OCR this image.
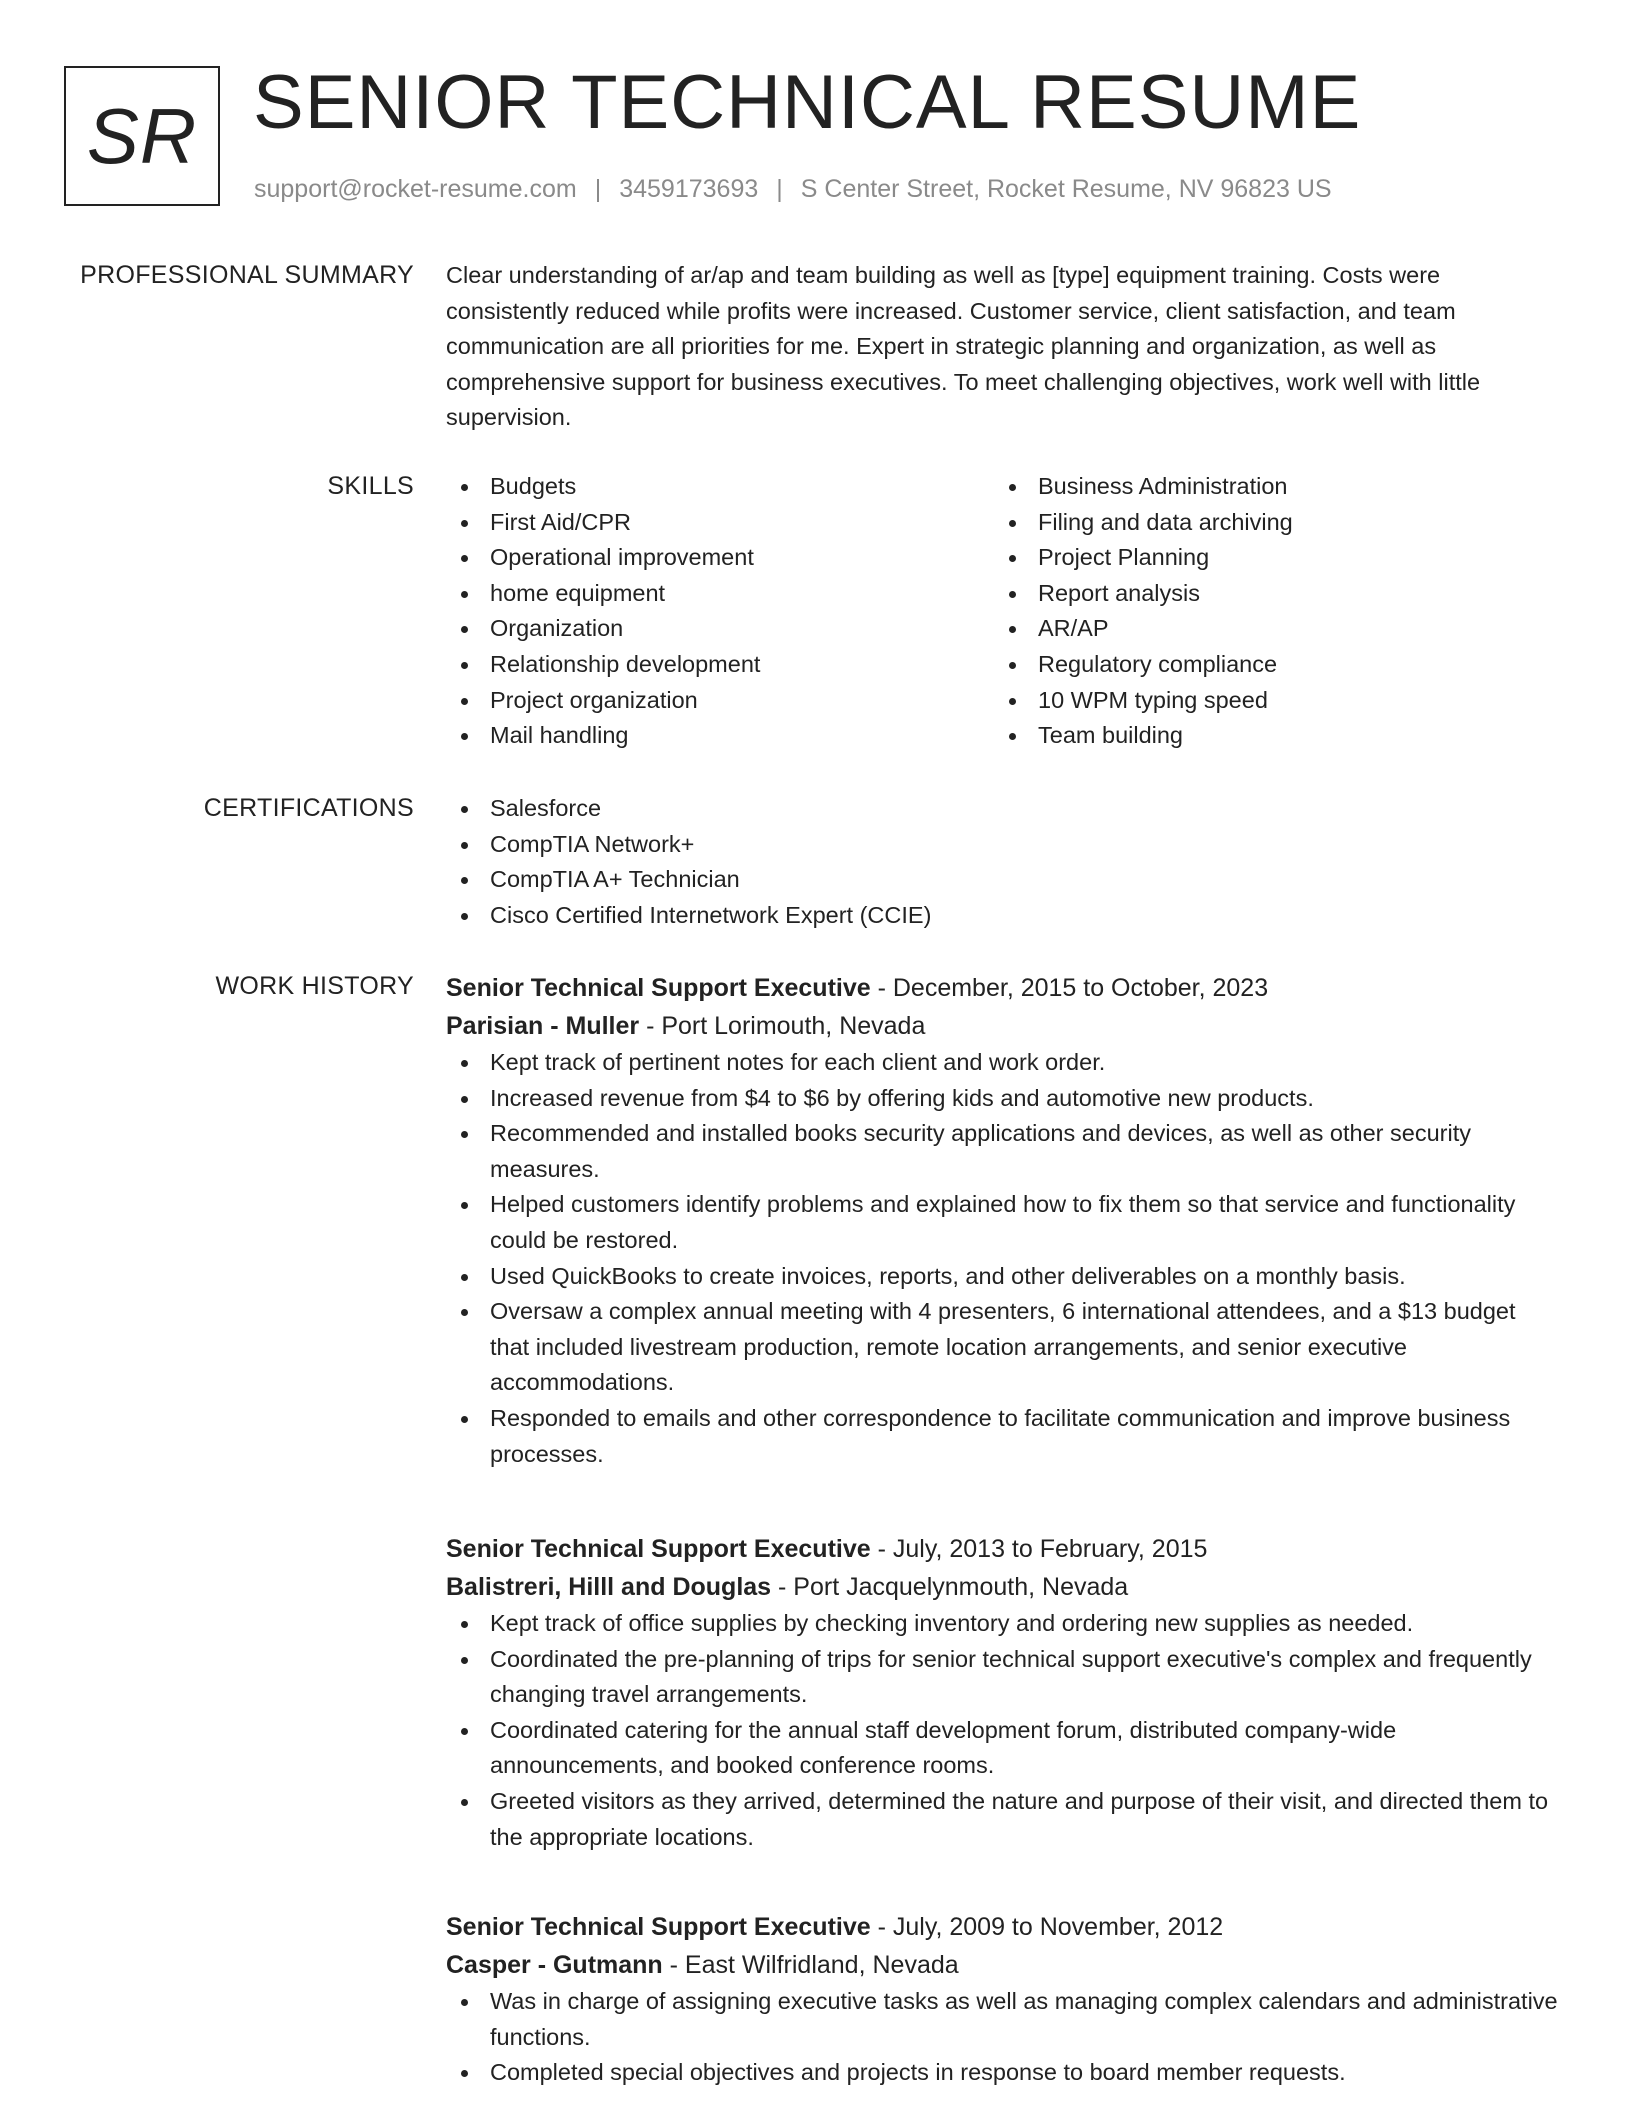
SR SENIOR TECHNICAL RESUME
support@rocket-resume.com | 3459173693 | S Center Street, Rocket Resume, NV 96823 US
PROFESSIONAL SUMMARY Clear understanding of ar/ap and team building as well as [type] equipment training. Costs were consistently reduced while profits were increased. Customer service, client satisfaction, and team communication are all priorities for me. Expert in strategic planning and organization, as well as comprehensive support for business executives. To meet challenging objectives, work well with little supervision.

SKILLS	Budgets
First Aid/CPR
Operational improvement
home equipment
Organization
Relationship development
Project organization
Mail handling
Business Administration
Filing and data archiving
Project Planning
Report analysis
AR/AP
Regulatory compliance
10 WPM typing speed
Team building
CERTIFICATIONS	Salesforce
CompTIA Network+
CompTIA A+ Technician
Cisco Certified Internetwork Expert (CCIE)
WORK HISTORY Senior Technical Support Executive - December, 2015 to October, 2023
Parisian - Muller - Port Lorimouth, Nevada
Kept track of pertinent notes for each client and work order.
Increased revenue from $4 to $6 by offering kids and automotive new products.
Recommended and installed books security applications and devices, as well as other security measures.
Helped customers identify problems and explained how to fix them so that service and functionality could be restored.
Used QuickBooks to create invoices, reports, and other deliverables on a monthly basis.
Oversaw a complex annual meeting with 4 presenters, 6 international attendees, and a $13 budget that included livestream production, remote location arrangements, and senior executive accommodations.
Responded to emails and other correspondence to facilitate communication and improve business processes.
Senior Technical Support Executive - July, 2013 to February, 2015
Balistreri, Hilll and Douglas - Port Jacquelynmouth, Nevada
Kept track of office supplies by checking inventory and ordering new supplies as needed.
Coordinated the pre-planning of trips for senior technical support executive's complex and frequently changing travel arrangements.
Coordinated catering for the annual staff development forum, distributed company-wide announcements, and booked conference rooms.
Greeted visitors as they arrived, determined the nature and purpose of their visit, and directed them to the appropriate locations.
Senior Technical Support Executive - July, 2009 to November, 2012
Casper - Gutmann - East Wilfridland, Nevada
Was in charge of assigning executive tasks as well as managing complex calendars and administrative functions.
Completed special objectives and projects in response to board member requests.
